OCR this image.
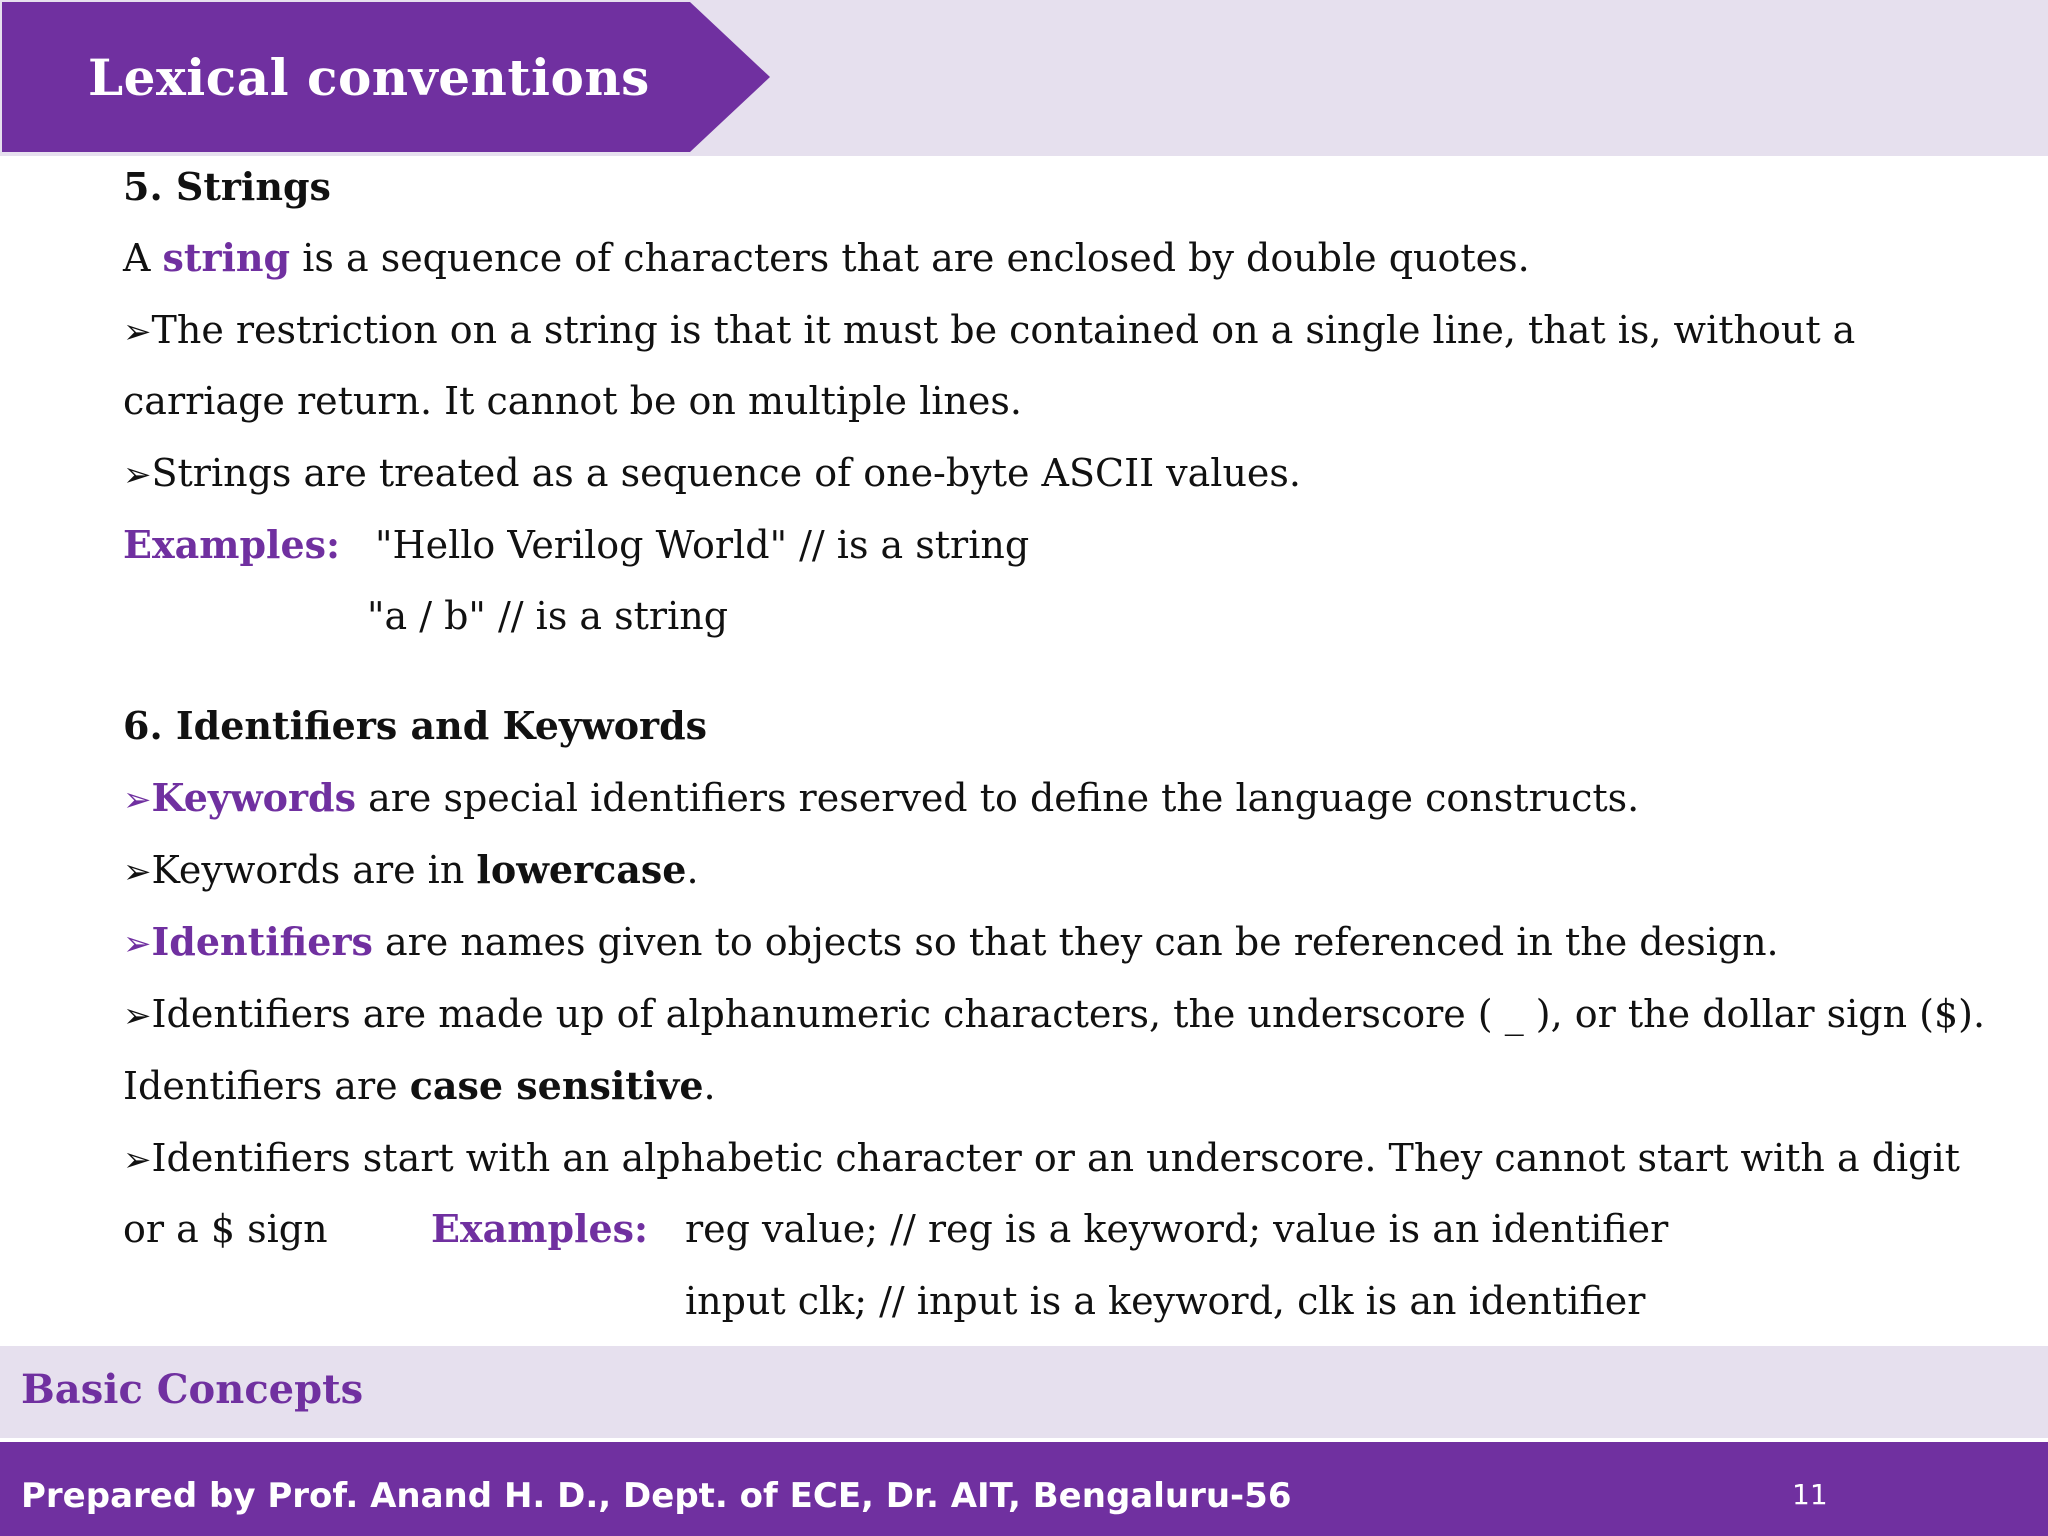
Lexical conventions
5. Strings
A string is a sequence of characters that are enclosed by double quotes.
➢The restriction on a string is that it must be contained on a single line, that is, without a
carriage return. It cannot be on multiple lines.
➢Strings are treated as a sequence of one-byte ASCII values.
Examples: "Hello Verilog World" // is a string
"a / b" // is a string
6. Identifiers and Keywords
➢Keywords are special identifiers reserved to define the language constructs.
➢Keywords are in lowercase.
➢Identifiers are names given to objects so that they can be referenced in the design.
➢Identifiers are made up of alphanumeric characters, the underscore ( _ ), or the dollar sign ($).
Identifiers are case sensitive.
➢Identifiers start with an alphabetic character or an underscore. They cannot start with a digit
or a $ sign	Examples: reg value; // reg is a keyword; value is an identifier
input clk; // input is a keyword, clk is an identifier
Basic Concepts
Prepared by Prof. Anand H. D., Dept. of ECE, Dr. AIT, Bengaluru-56	11
